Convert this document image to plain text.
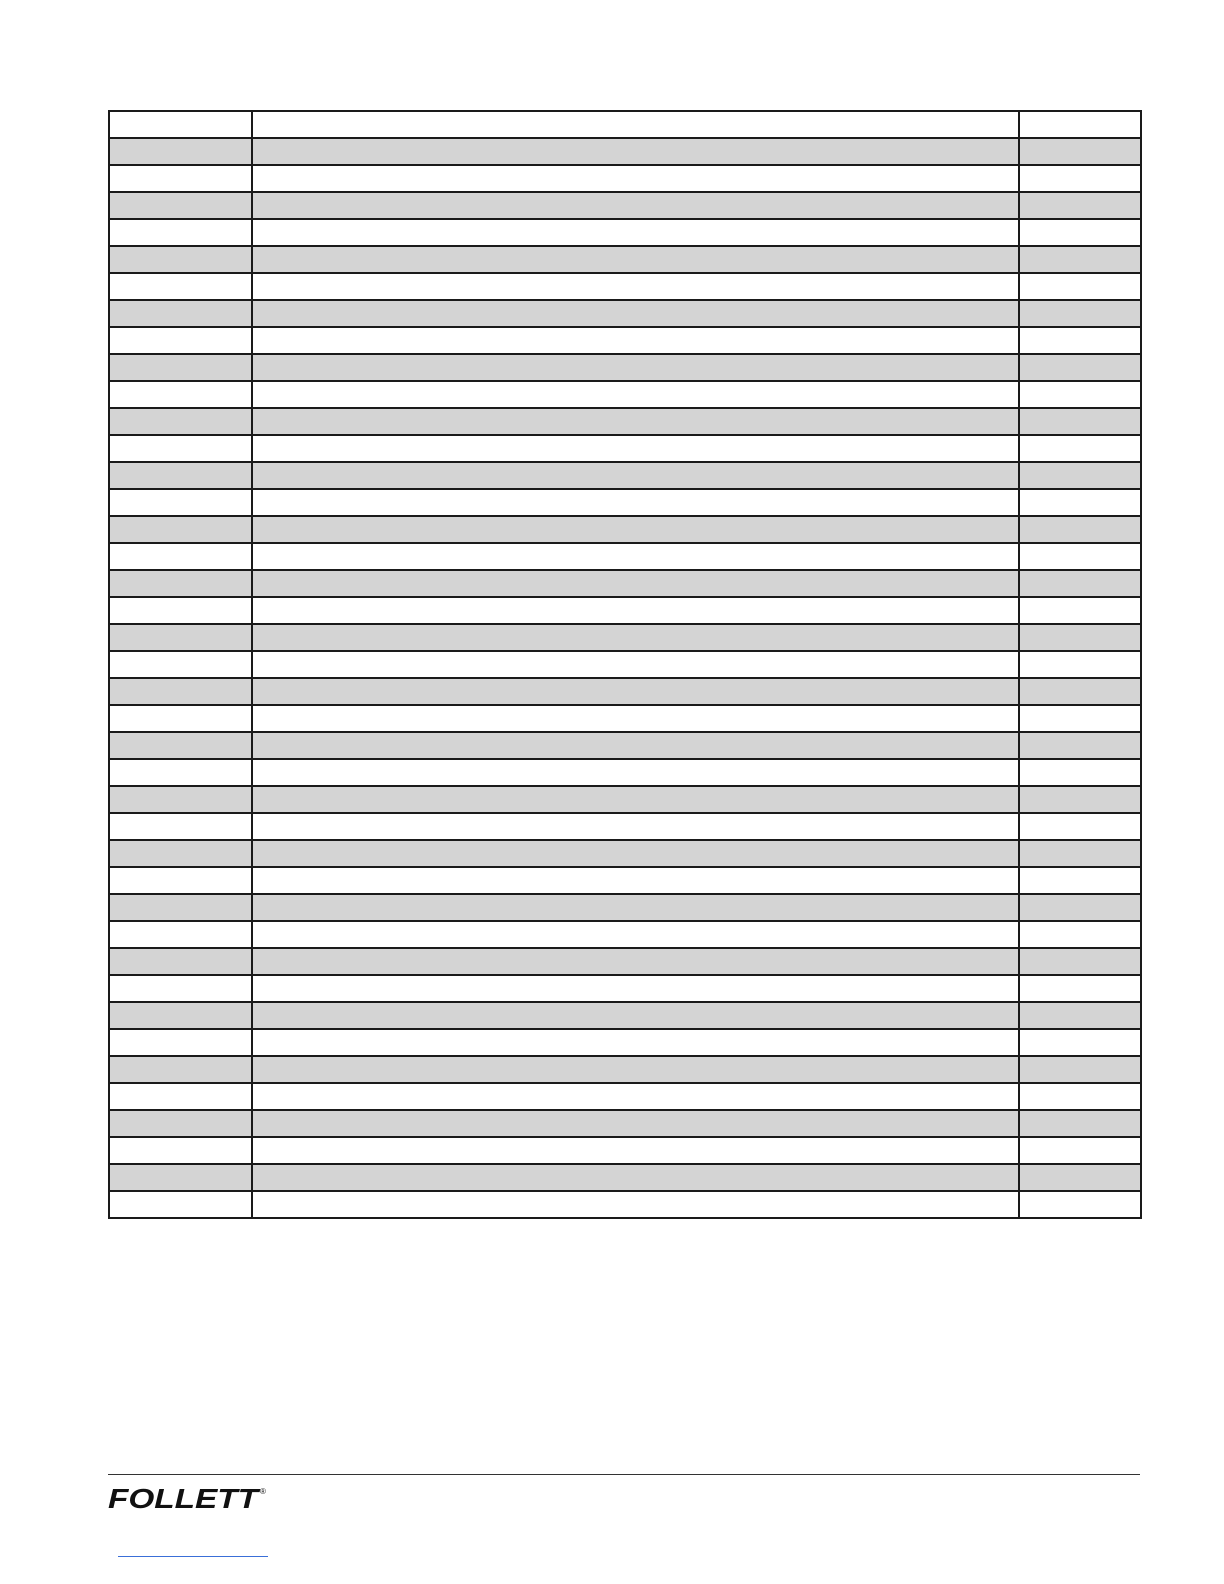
FOLLETT
®
